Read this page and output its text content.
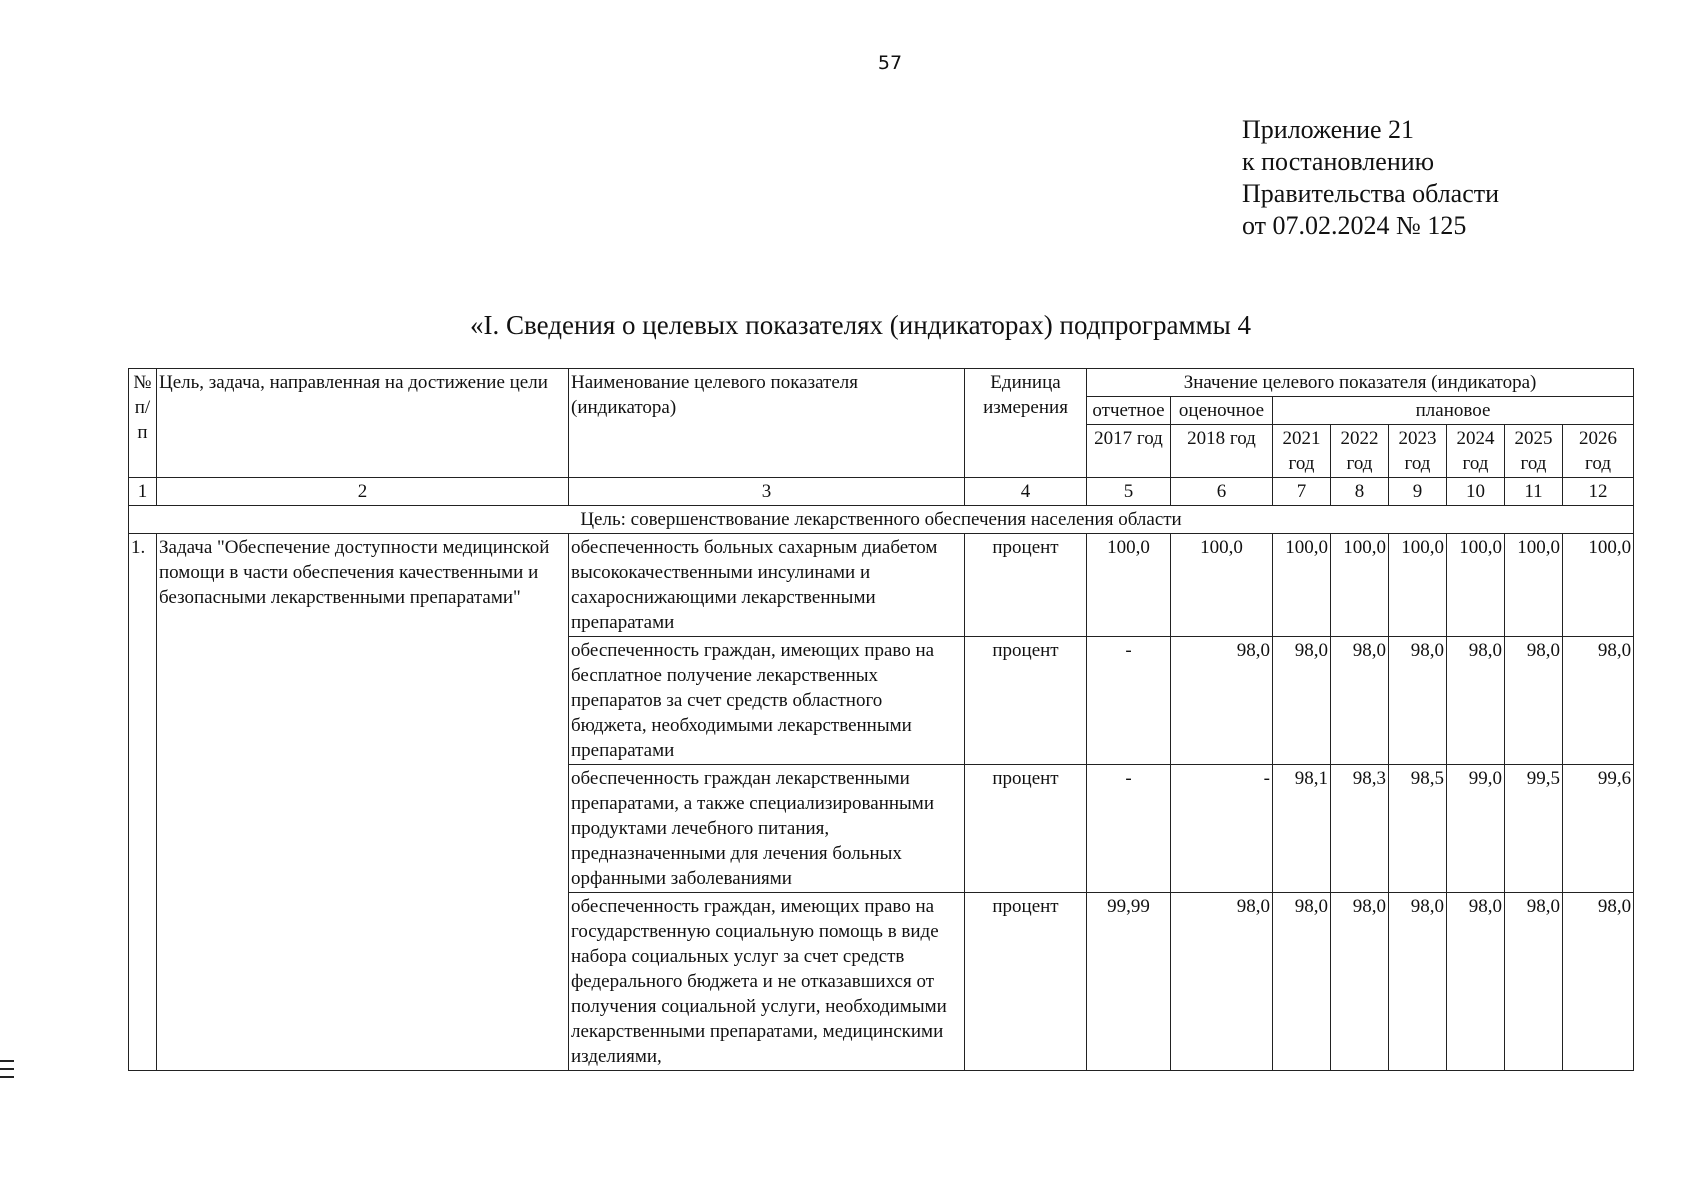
57
Приложение 21
к постановлению
Правительства области
от 07.02.2024 № 125
«I. Сведения о целевых показателях (индикаторах) подпрограммы 4
№ п/п	Цель, задача, направленная на достижение цели	Наименование целевого показателя (индикатора)	Единица измерения	Значение целевого показателя (индикатора)							
				отчетное	оценочное	плановое					
				2017 год	2018 год	2021 год	2022 год	2023 год	2024 год	2025 год	2026 год

1	2	3	4	5	6	7	8	9	10	11	12
Цель: совершенствование лекарственного обеспечения населения области											
1.	Задача "Обеспечение доступности медицинской помощи в части обеспечения качественными и безопасными лекарственными препаратами"	обеспеченность больных сахарным диабетом высококачественными инсулинами и сахароснижающими лекарственными препаратами	процент	100,0	100,0	100,0	100,0	100,0	100,0	100,0	100,0
		обеспеченность граждан, имеющих право на бесплатное получение лекарственных препаратов за счет средств областного бюджета, необходимыми лекарственными препаратами	процент	-	98,0	98,0	98,0	98,0	98,0	98,0	98,0
		обеспеченность граждан лекарственными препаратами, а также специализированными продуктами лечебного питания, предназначенными для лечения больных орфанными заболеваниями	процент	-	-	98,1	98,3	98,5	99,0	99,5	99,6
		обеспеченность граждан, имеющих право на государственную социальную помощь в виде набора социальных услуг за счет средств федерального бюджета и не отказавшихся от получения социальной услуги, необходимыми лекарственными препаратами, медицинскими изделиями,	процент	99,99	98,0	98,0	98,0	98,0	98,0	98,0	98,0
